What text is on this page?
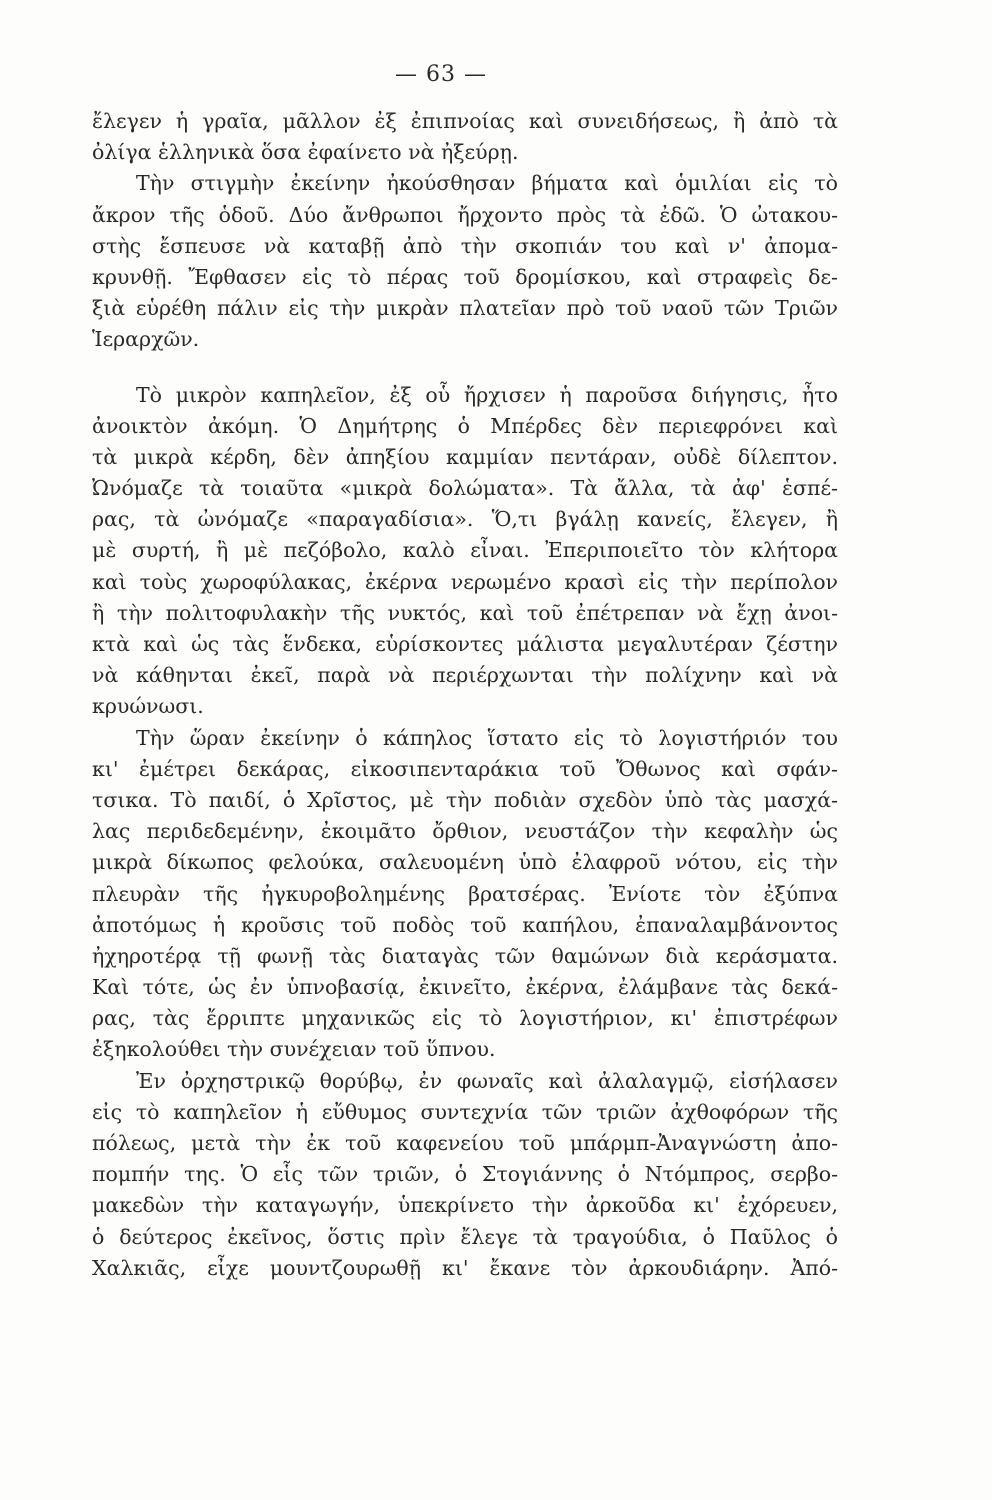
— 63 —
ἔλεγεν ἡ γραῖα, μᾶλλον ἐξ ἐπιπνοίας καὶ συνειδήσεως, ἢ ἀπὸ τὰ
ὀλίγα ἑλληνικὰ ὅσα ἐφαίνετο νὰ ἠξεύρῃ.
Τὴν στιγμὴν ἐκείνην ἠκούσθησαν βήματα καὶ ὁμιλίαι εἰς τὸ
ἄκρον τῆς ὁδοῦ. Δύο ἄνθρωποι ἤρχοντο πρὸς τὰ ἐδῶ. Ὁ ὠτακου-
στὴς ἔσπευσε νὰ καταβῇ ἀπὸ τὴν σκοπιάν του καὶ ν' ἀπομα-
κρυνθῇ. Ἔφθασεν εἰς τὸ πέρας τοῦ δρομίσκου, καὶ στραφεὶς δε-
ξιὰ εὑρέθη πάλιν εἰς τὴν μικρὰν πλατεῖαν πρὸ τοῦ ναοῦ τῶν Τριῶν
Ἱεραρχῶν.
Τὸ μικρὸν καπηλεῖον, ἐξ οὗ ἤρχισεν ἡ παροῦσα διήγησις, ἦτο
ἀνοικτὸν ἀκόμη. Ὁ Δημήτρης ὁ Μπέρδες δὲν περιεφρόνει καὶ
τὰ μικρὰ κέρδη, δὲν ἀπηξίου καμμίαν πεντάραν, οὐδὲ δίλεπτον.
Ὠνόμαζε τὰ τοιαῦτα «μικρὰ δολώματα». Τὰ ἄλλα, τὰ ἀφ' ἑσπέ-
ρας, τὰ ὠνόμαζε «παραγαδίσια». Ὅ,τι βγάλῃ κανείς, ἔλεγεν, ἢ
μὲ συρτή, ἢ μὲ πεζόβολο, καλὸ εἶναι. Ἐπεριποιεῖτο τὸν κλήτορα
καὶ τοὺς χωροφύλακας, ἐκέρνα νερωμένο κρασὶ εἰς τὴν περίπολον
ἢ τὴν πολιτοφυλακὴν τῆς νυκτός, καὶ τοῦ ἐπέτρεπαν νὰ ἔχῃ ἀνοι-
κτὰ καὶ ὡς τὰς ἕνδεκα, εὑρίσκοντες μάλιστα μεγαλυτέραν ζέστην
νὰ κάθηνται ἐκεῖ, παρὰ νὰ περιέρχωνται τὴν πολίχνην καὶ νὰ
κρυώνωσι.
Τὴν ὥραν ἐκείνην ὁ κάπηλος ἵστατο εἰς τὸ λογιστήριόν του
κι' ἐμέτρει δεκάρας, εἰκοσιπενταράκια τοῦ Ὄθωνος καὶ σφάν-
τσικα. Τὸ παιδί, ὁ Χρῖστος, μὲ τὴν ποδιὰν σχεδὸν ὑπὸ τὰς μασχά-
λας περιδεδεμένην, ἐκοιμᾶτο ὄρθιον, νευστάζον τὴν κεφαλὴν ὡς
μικρὰ δίκωπος φελούκα, σαλευομένη ὑπὸ ἐλαφροῦ νότου, εἰς τὴν
πλευρὰν τῆς ἠγκυροβολημένης βρατσέρας. Ἐνίοτε τὸν ἐξύπνα
ἀποτόμως ἡ κροῦσις τοῦ ποδὸς τοῦ καπήλου, ἐπαναλαμβάνοντος
ἠχηροτέρᾳ τῇ φωνῇ τὰς διαταγὰς τῶν θαμώνων διὰ κεράσματα.
Καὶ τότε, ὡς ἐν ὑπνοβασίᾳ, ἐκινεῖτο, ἐκέρνα, ἐλάμβανε τὰς δεκά-
ρας, τὰς ἔρριπτε μηχανικῶς εἰς τὸ λογιστήριον, κι' ἐπιστρέφων
ἐξηκολούθει τὴν συνέχειαν τοῦ ὕπνου.
Ἐν ὀρχηστρικῷ θορύβῳ, ἐν φωναῖς καὶ ἀλαλαγμῷ, εἰσήλασεν
εἰς τὸ καπηλεῖον ἡ εὔθυμος συντεχνία τῶν τριῶν ἀχθοφόρων τῆς
πόλεως, μετὰ τὴν ἐκ τοῦ καφενείου τοῦ μπάρμπ-Ἀναγνώστη ἀπο-
πομπήν της. Ὁ εἷς τῶν τριῶν, ὁ Στογιάννης ὁ Ντόμπρος, σερβο-
μακεδὼν τὴν καταγωγήν, ὑπεκρίνετο τὴν ἀρκοῦδα κι' ἐχόρευεν,
ὁ δεύτερος ἐκεῖνος, ὅστις πρὶν ἔλεγε τὰ τραγούδια, ὁ Παῦλος ὁ
Χαλκιᾶς, εἶχε μουντζουρωθῇ κι' ἔκανε τὸν ἀρκουδιάρην. Ἀπό-
